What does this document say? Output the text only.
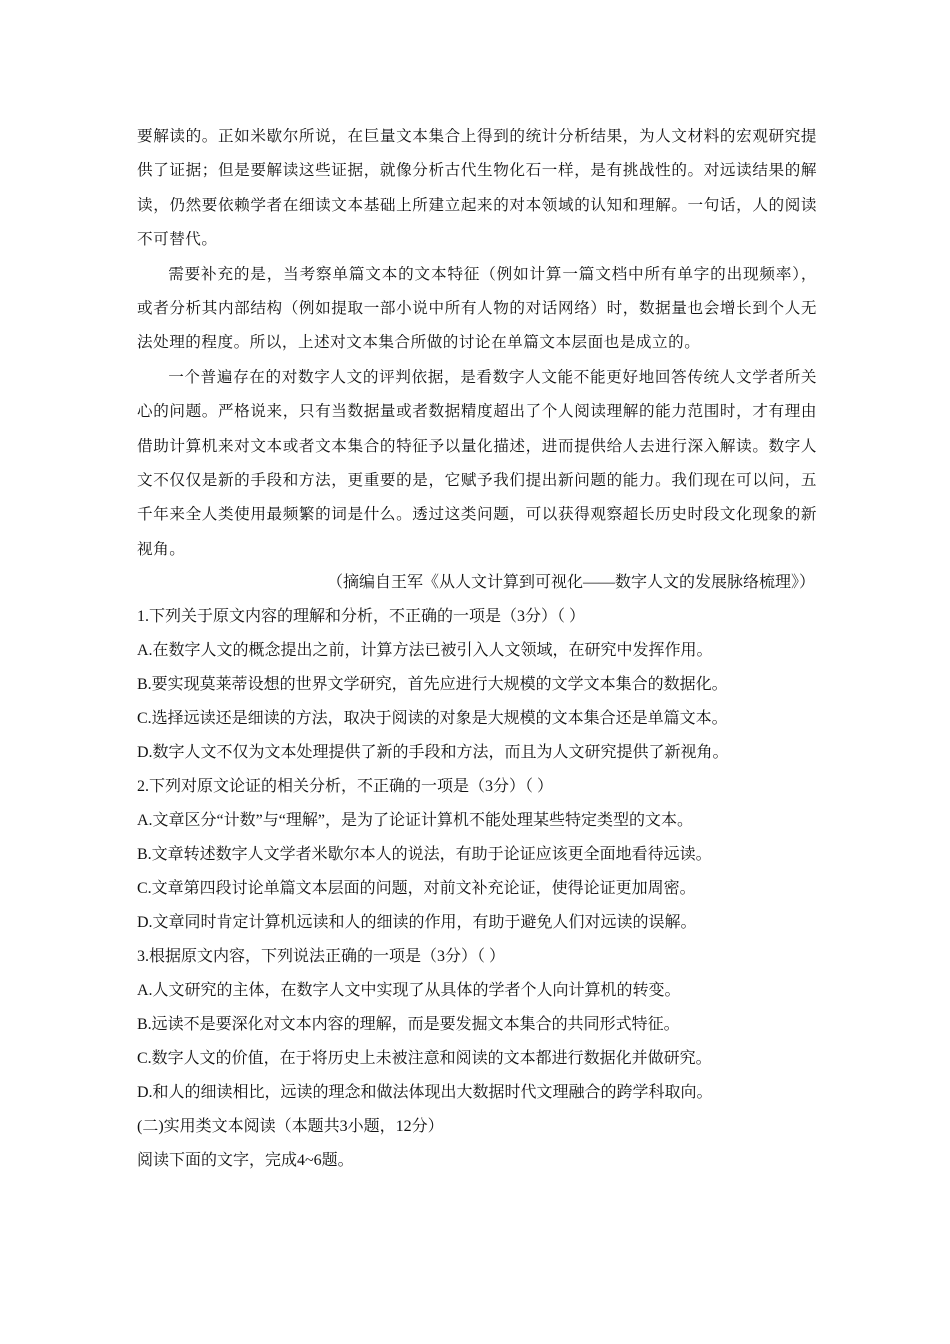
要解读的。正如米歇尔所说，在巨量文本集合上得到的统计分析结果，为人文材料的宏观研究提供了证据；但是要解读这些证据，就像分析古代生物化石一样，是有挑战性的。对远读结果的解读，仍然要依赖学者在细读文本基础上所建立起来的对本领域的认知和理解。一句话，人的阅读不可替代。

需要补充的是，当考察单篇文本的文本特征（例如计算一篇文档中所有单字的出现频率），或者分析其内部结构（例如提取一部小说中所有人物的对话网络）时，数据量也会增长到个人无法处理的程度。所以，上述对文本集合所做的讨论在单篇文本层面也是成立的。

一个普遍存在的对数字人文的评判依据，是看数字人文能不能更好地回答传统人文学者所关心的问题。严格说来，只有当数据量或者数据精度超出了个人阅读理解的能力范围时，才有理由借助计算机来对文本或者文本集合的特征予以量化描述，进而提供给人去进行深入解读。数字人文不仅仅是新的手段和方法，更重要的是，它赋予我们提出新问题的能力。我们现在可以问，五千年来全人类使用最频繁的词是什么。透过这类问题，可以获得观察超长历史时段文化现象的新视角。

（摘编自王军《从人文计算到可视化——数字人文的发展脉络梳理》）

1.下列关于原文内容的理解和分析，不正确的一项是（3分）（ ）

A.在数字人文的概念提出之前，计算方法已被引入人文领域，在研究中发挥作用。

B.要实现莫莱蒂设想的世界文学研究，首先应进行大规模的文学文本集合的数据化。

C.选择远读还是细读的方法，取决于阅读的对象是大规模的文本集合还是单篇文本。

D.数字人文不仅为文本处理提供了新的手段和方法，而且为人文研究提供了新视角。

2.下列对原文论证的相关分析，不正确的一项是（3分）（ ）

A.文章区分“计数”与“理解”，是为了论证计算机不能处理某些特定类型的文本。

B.文章转述数字人文学者米歇尔本人的说法，有助于论证应该更全面地看待远读。

C.文章第四段讨论单篇文本层面的问题，对前文补充论证，使得论证更加周密。

D.文章同时肯定计算机远读和人的细读的作用，有助于避免人们对远读的误解。

3.根据原文内容，下列说法正确的一项是（3分）（ ）

A.人文研究的主体，在数字人文中实现了从具体的学者个人向计算机的转变。

B.远读不是要深化对文本内容的理解，而是要发掘文本集合的共同形式特征。

C.数字人文的价值，在于将历史上未被注意和阅读的文本都进行数据化并做研究。

D.和人的细读相比，远读的理念和做法体现出大数据时代文理融合的跨学科取向。

(二)实用类文本阅读（本题共3小题，12分）

阅读下面的文字，完成4~6题。
